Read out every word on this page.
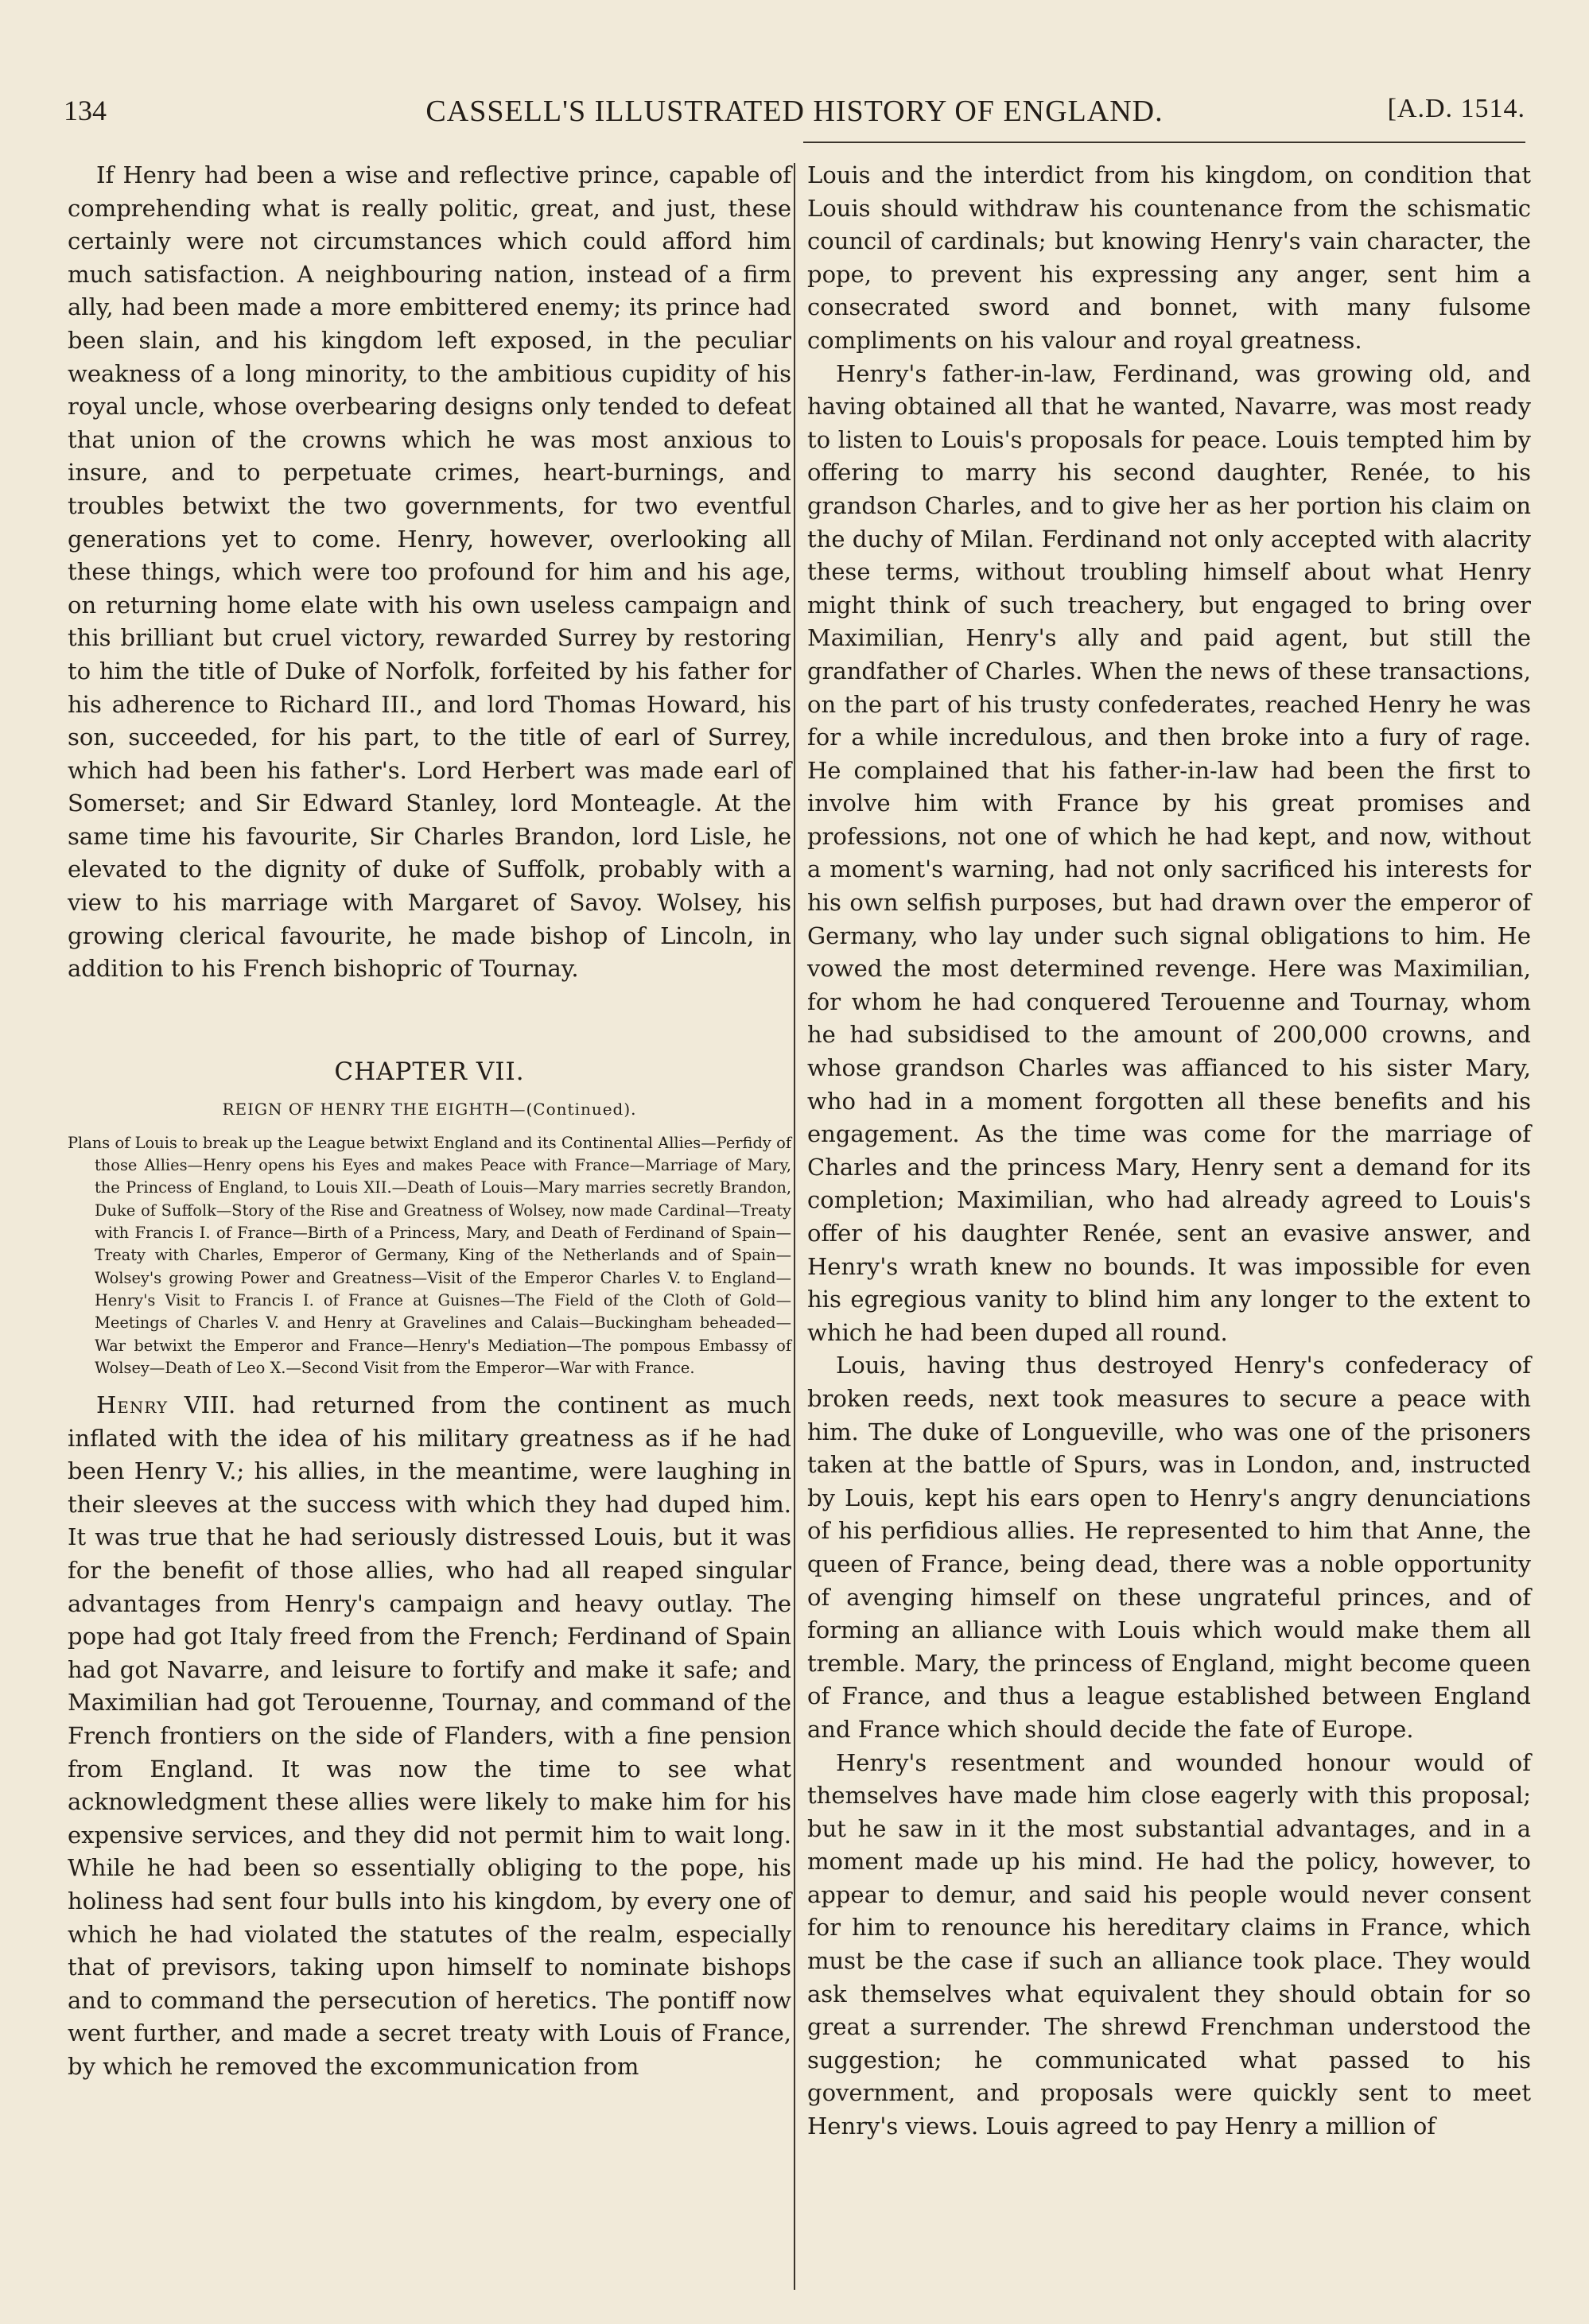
134	CASSELL'S ILLUSTRATED HISTORY OF ENGLAND.	[A.D. 1514.

If Henry had been a wise and reflective prince, capable of comprehending what is really politic, great, and just, these certainly were not circumstances which could afford him much satisfaction. A neighbouring nation, instead of a firm ally, had been made a more embittered enemy; its prince had been slain, and his kingdom left exposed, in the peculiar weakness of a long minority, to the ambitious cupidity of his royal uncle, whose overbearing designs only tended to defeat that union of the crowns which he was most anxious to insure, and to perpetuate crimes, heart-burnings, and troubles betwixt the two governments, for two eventful generations yet to come. Henry, however, overlooking all these things, which were too profound for him and his age, on returning home elate with his own useless campaign and this brilliant but cruel victory, rewarded Surrey by restoring to him the title of Duke of Norfolk, forfeited by his father for his adherence to Richard III., and lord Thomas Howard, his son, succeeded, for his part, to the title of earl of Surrey, which had been his father's. Lord Herbert was made earl of Somerset; and Sir Edward Stanley, lord Monteagle. At the same time his favourite, Sir Charles Brandon, lord Lisle, he elevated to the dignity of duke of Suffolk, probably with a view to his marriage with Margaret of Savoy. Wolsey, his growing clerical favourite, he made bishop of Lincoln, in addition to his French bishopric of Tournay.

CHAPTER VII.
REIGN OF HENRY THE EIGHTH—(Continued).

Plans of Louis to break up the League betwixt England and its Continental Allies—Perfidy of those Allies—Henry opens his Eyes and makes Peace with France—Marriage of Mary, the Princess of England, to Louis XII.—Death of Louis—Mary marries secretly Brandon, Duke of Suffolk—Story of the Rise and Greatness of Wolsey, now made Cardinal—Treaty with Francis I. of France—Birth of a Princess, Mary, and Death of Ferdinand of Spain—Treaty with Charles, Emperor of Germany, King of the Netherlands and of Spain—Wolsey's growing Power and Greatness—Visit of the Emperor Charles V. to England—Henry's Visit to Francis I. of France at Guisnes—The Field of the Cloth of Gold—Meetings of Charles V. and Henry at Gravelines and Calais—Buckingham beheaded—War betwixt the Emperor and France—Henry's Mediation—The pompous Embassy of Wolsey—Death of Leo X.—Second Visit from the Emperor—War with France.

Henry VIII. had returned from the continent as much inflated with the idea of his military greatness as if he had been Henry V.; his allies, in the meantime, were laughing in their sleeves at the success with which they had duped him. It was true that he had seriously distressed Louis, but it was for the benefit of those allies, who had all reaped singular advantages from Henry's campaign and heavy outlay. The pope had got Italy freed from the French; Ferdinand of Spain had got Navarre, and leisure to fortify and make it safe; and Maximilian had got Terouenne, Tournay, and command of the French frontiers on the side of Flanders, with a fine pension from England. It was now the time to see what acknowledgment these allies were likely to make him for his expensive services, and they did not permit him to wait long. While he had been so essentially obliging to the pope, his holiness had sent four bulls into his kingdom, by every one of which he had violated the statutes of the realm, especially that of previsors, taking upon himself to nominate bishops and to command the persecution of heretics. The pontiff now went further, and made a secret treaty with Louis of France, by which he removed the excommunication from

Louis and the interdict from his kingdom, on condition that Louis should withdraw his countenance from the schismatic council of cardinals; but knowing Henry's vain character, the pope, to prevent his expressing any anger, sent him a consecrated sword and bonnet, with many fulsome compliments on his valour and royal greatness.

Henry's father-in-law, Ferdinand, was growing old, and having obtained all that he wanted, Navarre, was most ready to listen to Louis's proposals for peace. Louis tempted him by offering to marry his second daughter, Renée, to his grandson Charles, and to give her as her portion his claim on the duchy of Milan. Ferdinand not only accepted with alacrity these terms, without troubling himself about what Henry might think of such treachery, but engaged to bring over Maximilian, Henry's ally and paid agent, but still the grandfather of Charles. When the news of these transactions, on the part of his trusty confederates, reached Henry he was for a while incredulous, and then broke into a fury of rage. He complained that his father-in-law had been the first to involve him with France by his great promises and professions, not one of which he had kept, and now, without a moment's warning, had not only sacrificed his interests for his own selfish purposes, but had drawn over the emperor of Germany, who lay under such signal obligations to him. He vowed the most determined revenge. Here was Maximilian, for whom he had conquered Terouenne and Tournay, whom he had subsidised to the amount of 200,000 crowns, and whose grandson Charles was affianced to his sister Mary, who had in a moment forgotten all these benefits and his engagement. As the time was come for the marriage of Charles and the princess Mary, Henry sent a demand for its completion; Maximilian, who had already agreed to Louis's offer of his daughter Renée, sent an evasive answer, and Henry's wrath knew no bounds. It was impossible for even his egregious vanity to blind him any longer to the extent to which he had been duped all round.

Louis, having thus destroyed Henry's confederacy of broken reeds, next took measures to secure a peace with him. The duke of Longueville, who was one of the prisoners taken at the battle of Spurs, was in London, and, instructed by Louis, kept his ears open to Henry's angry denunciations of his perfidious allies. He represented to him that Anne, the queen of France, being dead, there was a noble opportunity of avenging himself on these ungrateful princes, and of forming an alliance with Louis which would make them all tremble. Mary, the princess of England, might become queen of France, and thus a league established between England and France which should decide the fate of Europe.

Henry's resentment and wounded honour would of themselves have made him close eagerly with this proposal; but he saw in it the most substantial advantages, and in a moment made up his mind. He had the policy, however, to appear to demur, and said his people would never consent for him to renounce his hereditary claims in France, which must be the case if such an alliance took place. They would ask themselves what equivalent they should obtain for so great a surrender. The shrewd Frenchman understood the suggestion; he communicated what passed to his government, and proposals were quickly sent to meet Henry's views. Louis agreed to pay Henry a million of
